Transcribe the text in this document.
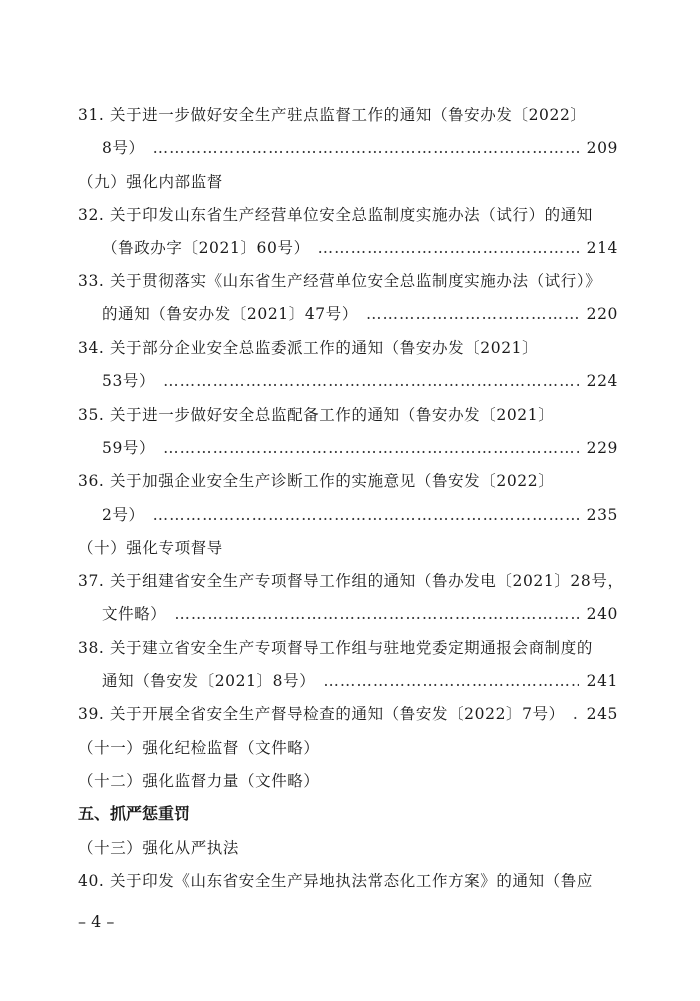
31. 关于进一步做好安全生产驻点监督工作的通知（鲁安办发〔2022〕
8号） ……………………………………………………………………………………………………………………	209
（九）强化内部监督
32. 关于印发山东省生产经营单位安全总监制度实施办法（试行）的通知
（鲁政办字〔2021〕60号） ……………………………………………………………………………………………………………………	214
33. 关于贯彻落实《山东省生产经营单位安全总监制度实施办法（试行）》
的通知（鲁安办发〔2021〕47号） ……………………………………………………………………………………………………………………	220
34. 关于部分企业安全总监委派工作的通知（鲁安办发〔2021〕
53号） ……………………………………………………………………………………………………………………	224
35. 关于进一步做好安全总监配备工作的通知（鲁安办发〔2021〕
59号） ……………………………………………………………………………………………………………………	229
36. 关于加强企业安全生产诊断工作的实施意见（鲁安发〔2022〕
2号） ……………………………………………………………………………………………………………………	235
（十）强化专项督导
37. 关于组建省安全生产专项督导工作组的通知（鲁办发电〔2021〕28号，
文件略） ……………………………………………………………………………………………………………………	240
38. 关于建立省安全生产专项督导工作组与驻地党委定期通报会商制度的
通知（鲁安发〔2021〕8号） ……………………………………………………………………………………………………………………	241
39. 关于开展全省安全生产督导检查的通知（鲁安发〔2022〕7号） ……………………………………………………………………………………………………………………	245
（十一）强化纪检监督（文件略）
（十二）强化监督力量（文件略）
五、抓严惩重罚
（十三）强化从严执法
40. 关于印发《山东省安全生产异地执法常态化工作方案》的通知（鲁应
– 4 –
